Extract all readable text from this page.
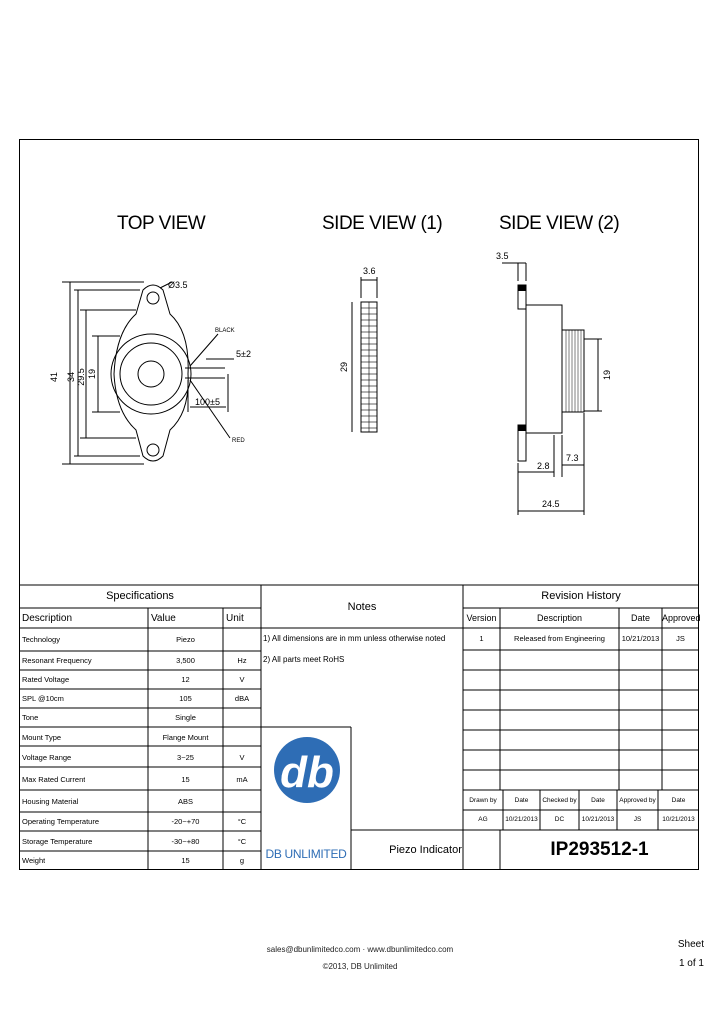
TOP VIEW	SIDE VIEW (1)	SIDE VIEW (2)
Ø3.5
BLACK
5±2
100±5
RED
41 34 29.5 19
3.6
29
3.5
19
2.8
7.3
24.5
Specifications
Description	Value	Unit
Technology	Piezo
Resonant Frequency	3,500	Hz
Rated Voltage	12	V
SPL @10cm	105	dBA
Tone	Single
Mount Type	Flange Mount
Voltage Range	3~25	V
Max Rated Current	15	mA
Housing Material	ABS
Operating Temperature	-20~+70	°C
Storage Temperature	-30~+80	°C
Weight	15	g
Notes
1) All dimensions are in mm unless otherwise noted
2) All parts meet RoHS
db
DB UNLIMITED
Revision History
Version	Description	Date	Approved
1	Released from Engineering	10/21/2013	JS
Drawn by	Date	Checked by	Date	Approved by	Date
AG	10/21/2013	DC	10/21/2013	JS	10/21/2013
Piezo Indicator	IP293512-1
sales@dbunlimitedco.com · www.dbunlimitedco.com
©2013, DB Unlimited
Sheet
1 of 1
